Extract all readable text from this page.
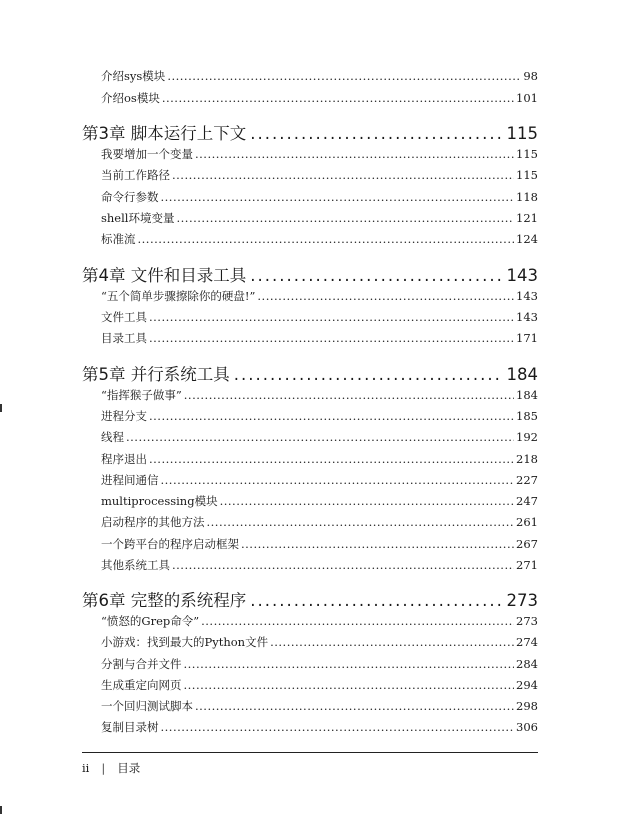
介绍sys模块 .....	98
介绍os模块 .....	101
第3章 脚本运行上下文 .....	115
我要增加一个变量 .....	115
当前工作路径 .....	115
命令行参数 .....	118
shell环境变量 .....	121
标准流 .....	124
第4章 文件和目录工具 .....	143
“五个简单步骤擦除你的硬盘!” .....	143
文件工具 .....	143
目录工具 .....	171
第5章 并行系统工具 .....	184
“指挥猴子做事” .....	184
进程分支 .....	185
线程 .....	192
程序退出 .....	218
进程间通信 .....	227
multiprocessing模块 .....	247
启动程序的其他方法 .....	261
一个跨平台的程序启动框架 .....	267
其他系统工具 .....	271
第6章 完整的系统程序 .....	273
“愤怒的Grep命令” .....	273
小游戏：找到最大的Python文件 .....	274
分割与合并文件 .....	284
生成重定向网页 .....	294
一个回归测试脚本 .....	298
复制目录树 .....	306
ii | 目录
